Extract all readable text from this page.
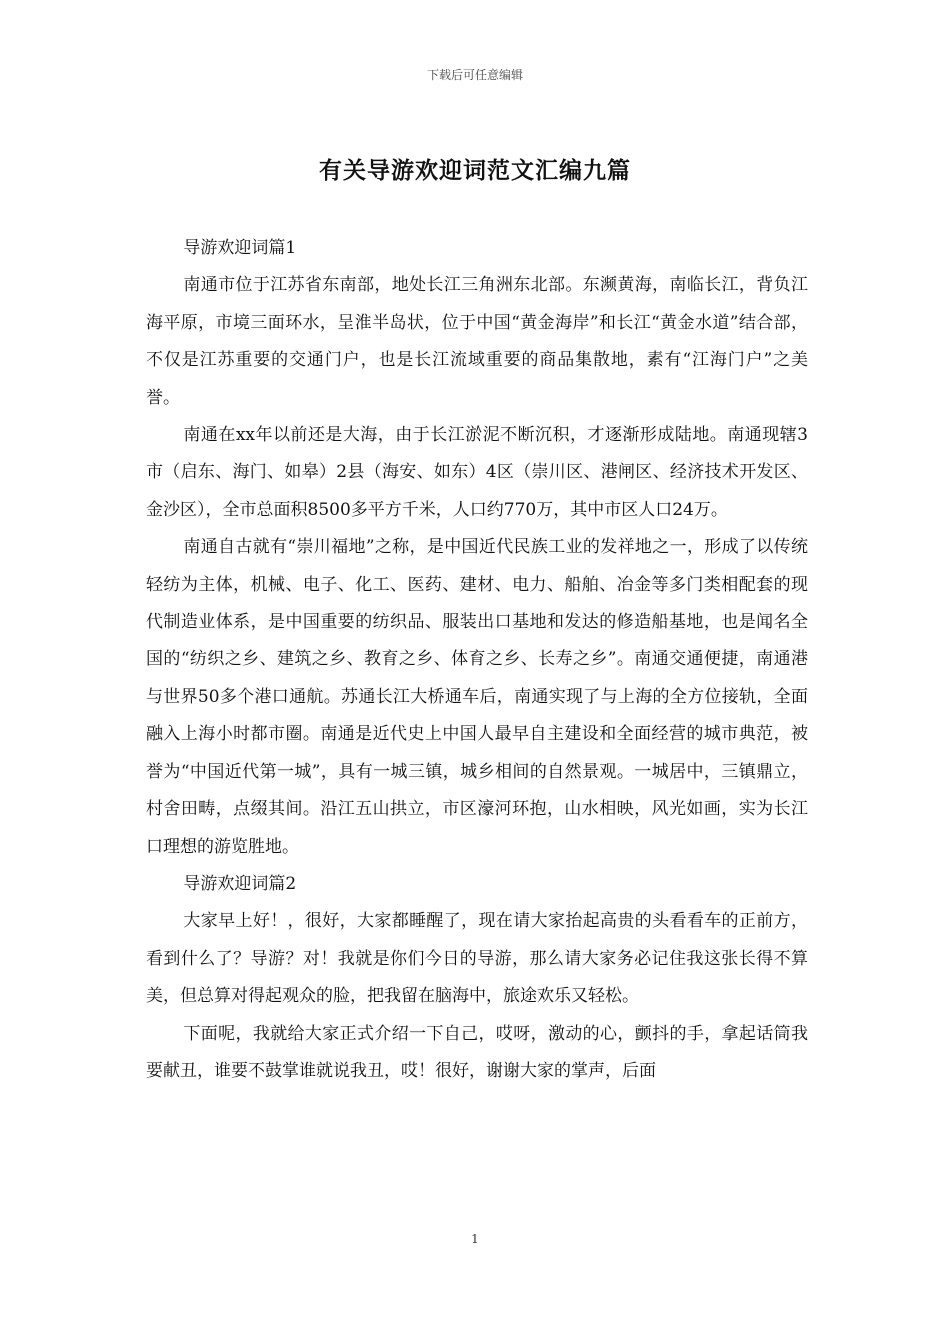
下载后可任意编辑
有关导游欢迎词范文汇编九篇

导游欢迎词篇1

南通市位于江苏省东南部，地处长江三角洲东北部。东濒黄海，南临长江，背负江海平原，市境三面环水，呈淮半岛状，位于中国“黄金海岸”和长江“黄金水道”结合部，不仅是江苏重要的交通门户，也是长江流域重要的商品集散地，素有“江海门户”之美誉。

南通在xx年以前还是大海，由于长江淤泥不断沉积，才逐渐形成陆地。南通现辖3市（启东、海门、如皋）2县（海安、如东）4区（崇川区、港闸区、经济技术开发区、金沙区），全市总面积8500多平方千米，人口约770万，其中市区人口24万。

南通自古就有“崇川福地”之称，是中国近代民族工业的发祥地之一，形成了以传统轻纺为主体，机械、电子、化工、医药、建材、电力、船舶、冶金等多门类相配套的现代制造业体系，是中国重要的纺织品、服装出口基地和发达的修造船基地，也是闻名全国的“纺织之乡、建筑之乡、教育之乡、体育之乡、长寿之乡”。南通交通便捷，南通港与世界50多个港口通航。苏通长江大桥通车后，南通实现了与上海的全方位接轨，全面融入上海小时都市圈。南通是近代史上中国人最早自主建设和全面经营的城市典范，被誉为“中国近代第一城”，具有一城三镇，城乡相间的自然景观。一城居中，三镇鼎立，村舍田畴，点缀其间。沿江五山拱立，市区濠河环抱，山水相映，风光如画，实为长江口理想的游览胜地。

导游欢迎词篇2

大家早上好！，很好，大家都睡醒了，现在请大家抬起高贵的头看看车的正前方，看到什么了？导游？对！我就是你们今日的导游，那么请大家务必记住我这张长得不算美，但总算对得起观众的脸，把我留在脑海中，旅途欢乐又轻松。

下面呢，我就给大家正式介绍一下自己，哎呀，激动的心，颤抖的手，拿起话筒我要献丑，谁要不鼓掌谁就说我丑，哎！很好，谢谢大家的掌声，后面

1
